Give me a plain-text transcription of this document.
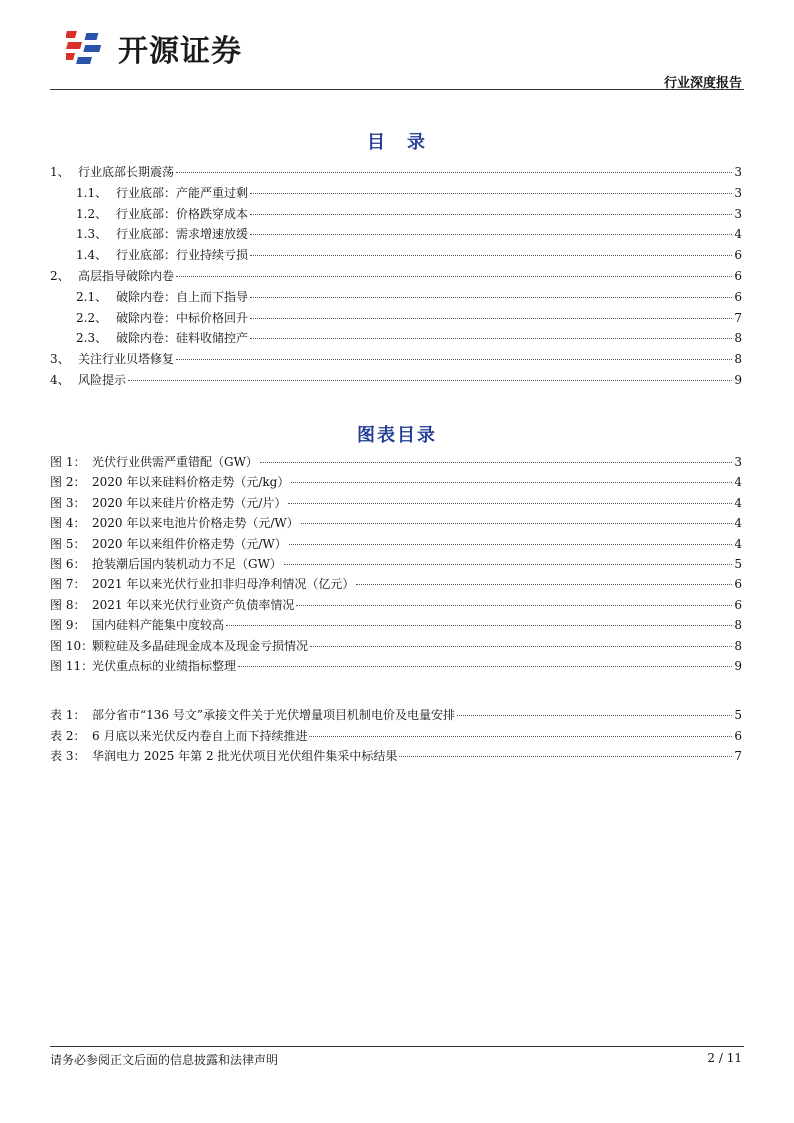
开源证券
行业深度报告
目　录
1、 行业底部长期震荡	3
1.1、 行业底部：产能严重过剩	3
1.2、 行业底部：价格跌穿成本	3
1.3、 行业底部：需求增速放缓	4
1.4、 行业底部：行业持续亏损	6
2、 高层指导破除内卷	6
2.1、 破除内卷：自上而下指导	6
2.2、 破除内卷：中标价格回升	7
2.3、 破除内卷：硅料收储控产	8
3、 关注行业贝塔修复	8
4、 风险提示	9
图表目录
图 1： 光伏行业供需严重错配（GW）	3
图 2： 2020 年以来硅料价格走势（元/kg）	4
图 3： 2020 年以来硅片价格走势（元/片）	4
图 4： 2020 年以来电池片价格走势（元/W）	4
图 5： 2020 年以来组件价格走势（元/W）	4
图 6： 抢装潮后国内装机动力不足（GW）	5
图 7： 2021 年以来光伏行业扣非归母净利情况（亿元）	6
图 8： 2021 年以来光伏行业资产负债率情况	6
图 9： 国内硅料产能集中度较高	8
图 10：颗粒硅及多晶硅现金成本及现金亏损情况	8
图 11：光伏重点标的业绩指标整理	9
表 1： 部分省市“136 号文”承接文件关于光伏增量项目机制电价及电量安排	5
表 2： 6 月底以来光伏反内卷自上而下持续推进	6
表 3： 华润电力 2025 年第 2 批光伏项目光伏组件集采中标结果	7
请务必参阅正文后面的信息披露和法律声明	2 / 11
